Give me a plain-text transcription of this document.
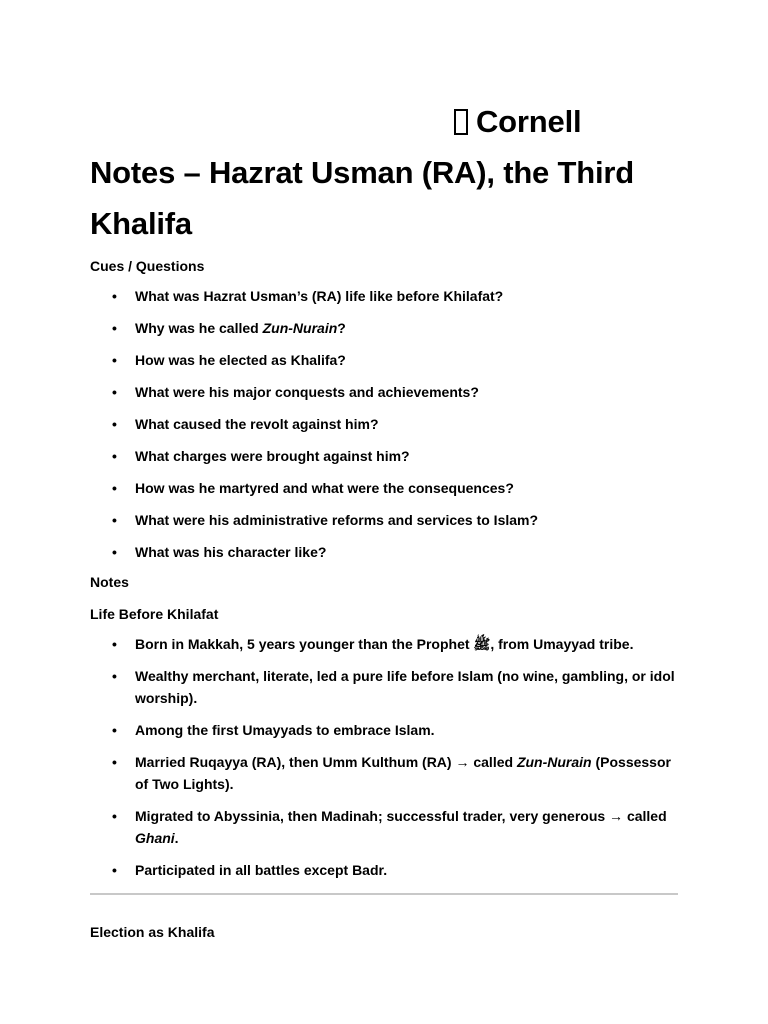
Cornell
Notes – Hazrat Usman (RA), the Third Khalifa

Cues / Questions

• What was Hazrat Usman’s (RA) life like before Khilafat?
• Why was he called Zun-Nurain?
• How was he elected as Khalifa?
• What were his major conquests and achievements?
• What caused the revolt against him?
• What charges were brought against him?
• How was he martyred and what were the consequences?
• What were his administrative reforms and services to Islam?
• What was his character like?

Notes

Life Before Khilafat

• Born in Makkah, 5 years younger than the Prophet ﷺ, from Umayyad tribe.
• Wealthy merchant, literate, led a pure life before Islam (no wine, gambling, or idol worship).
• Among the first Umayyads to embrace Islam.
• Married Ruqayya (RA), then Umm Kulthum (RA) → called Zun-Nurain (Possessor of Two Lights).
• Migrated to Abyssinia, then Madinah; successful trader, very generous → called Ghani.
• Participated in all battles except Badr.

Election as Khalifa
